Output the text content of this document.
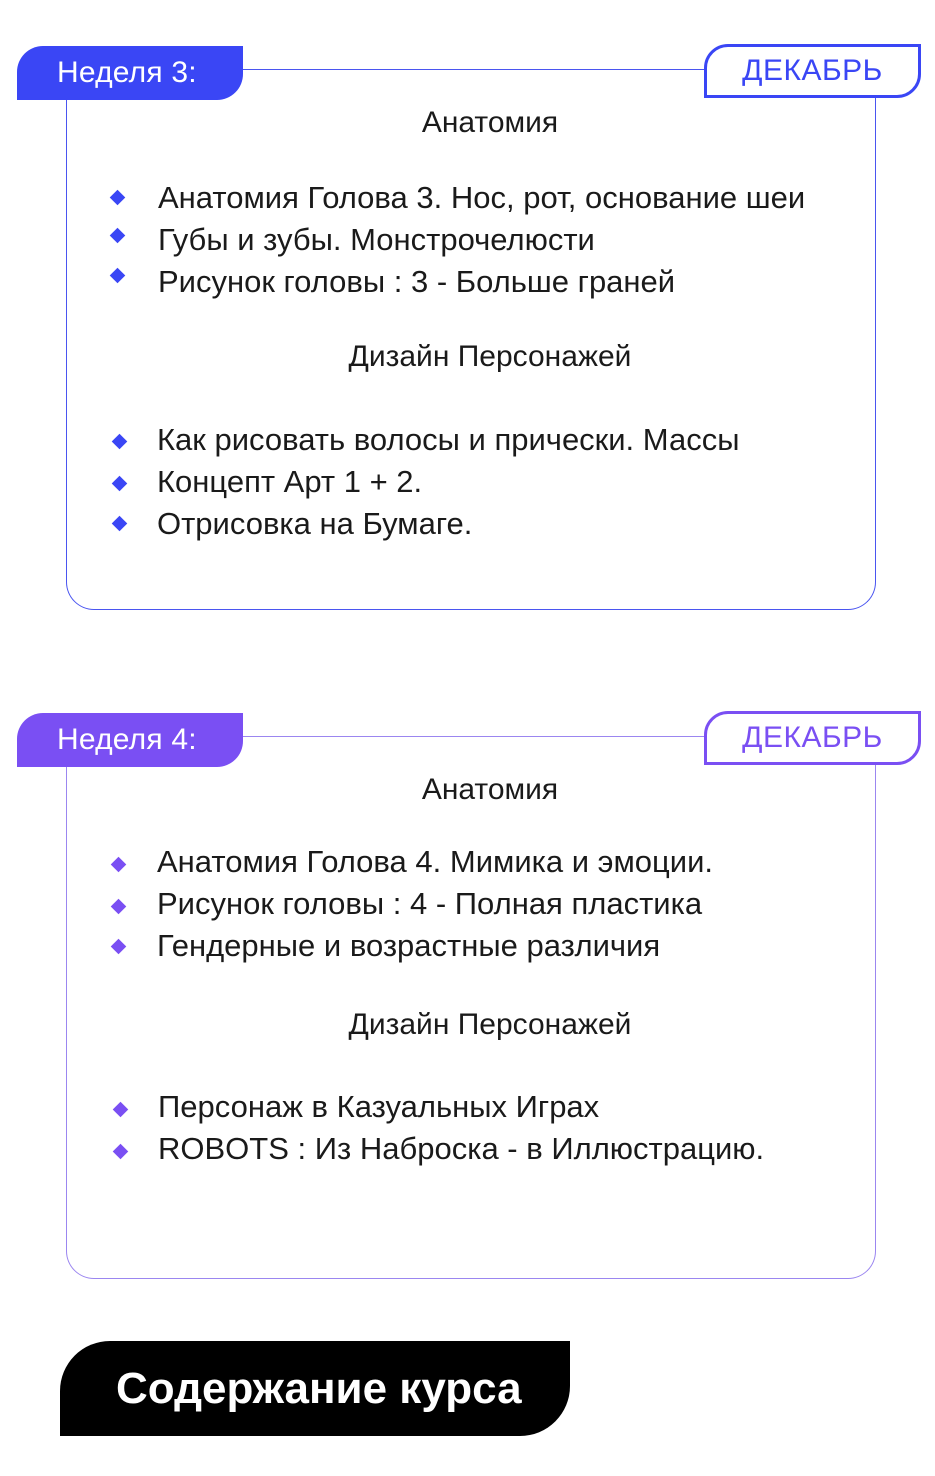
Неделя 3:	ДЕКАБРЬ
Анатомия
Анатомия Голова 3. Нос, рот, основание шеи
Губы и зубы. Монстрочелюсти
Рисунок головы : 3 - Больше граней
Дизайн Персонажей
Как рисовать волосы и прически. Массы
Концепт Арт 1 + 2.
Отрисовка на Бумаге.
Неделя 4:	ДЕКАБРЬ
Анатомия
Анатомия Голова 4. Мимика и эмоции.
Рисунок головы : 4 - Полная пластика
Гендерные и возрастные различия
Дизайн Персонажей
Персонаж в Казуальных Играх
ROBOTS : Из Наброска - в Иллюстрацию.
Содержание курса
